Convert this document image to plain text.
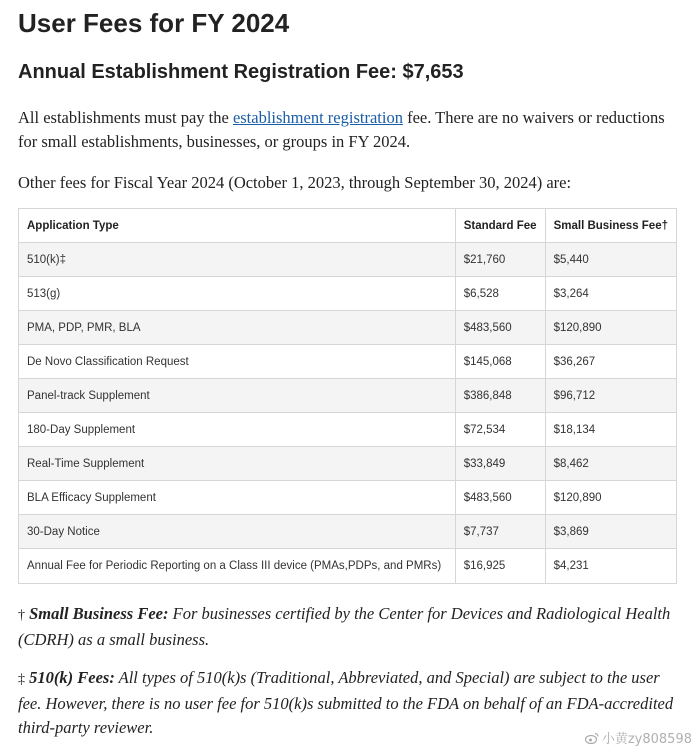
User Fees for FY 2024
Annual Establishment Registration Fee: $7,653

All establishments must pay the establishment registration fee. There are no waivers or reductions for small establishments, businesses, or groups in FY 2024.

Other fees for Fiscal Year 2024 (October 1, 2023, through September 30, 2024) are:

Application Type	Standard Fee	Small Business Fee†
510(k)‡	$21,760	$5,440
513(g)	$6,528	$3,264
PMA, PDP, PMR, BLA	$483,560	$120,890
De Novo Classification Request	$145,068	$36,267
Panel-track Supplement	$386,848	$96,712
180-Day Supplement	$72,534	$18,134
Real-Time Supplement	$33,849	$8,462
BLA Efficacy Supplement	$483,560	$120,890
30-Day Notice	$7,737	$3,869
Annual Fee for Periodic Reporting on a Class III device (PMAs,PDPs, and PMRs)	$16,925	$4,231

† Small Business Fee: For businesses certified by the Center for Devices and Radiological Health (CDRH) as a small business.

‡ 510(k) Fees: All types of 510(k)s (Traditional, Abbreviated, and Special) are subject to the user fee. However, there is no user fee for 510(k)s submitted to the FDA on behalf of an FDA-accredited third-party reviewer.

小黄zy808598
